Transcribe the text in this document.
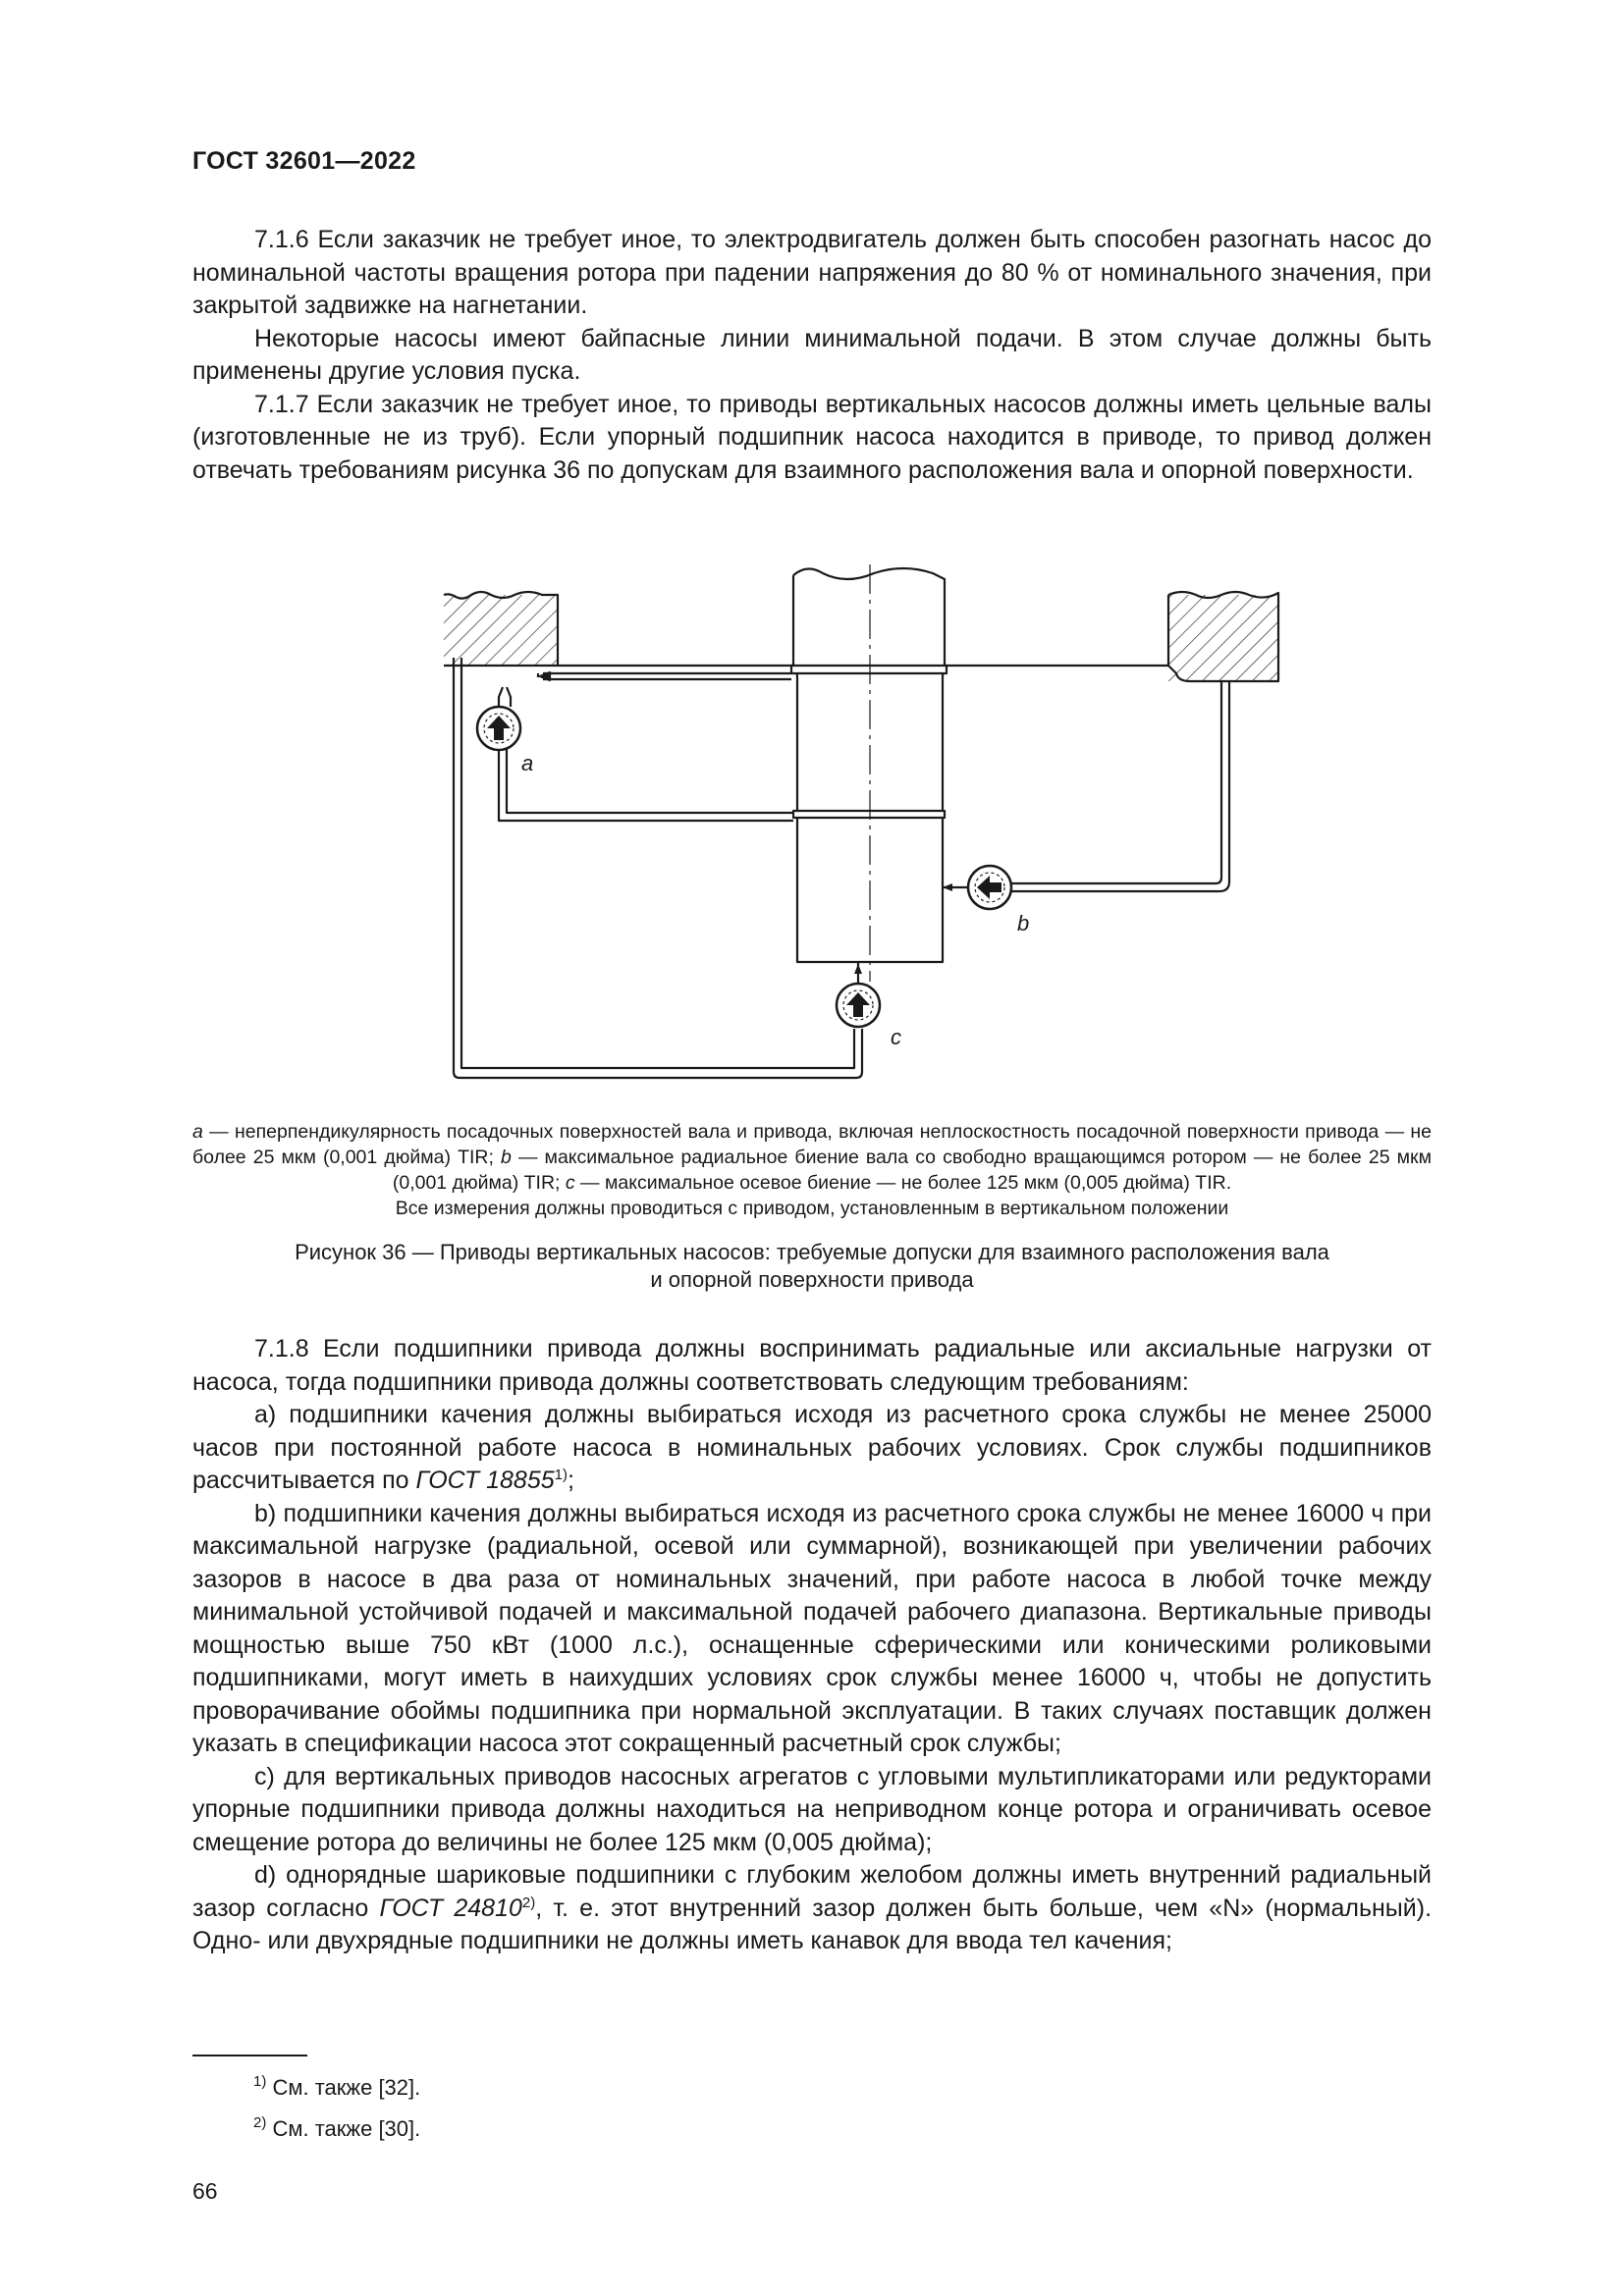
ГОСТ 32601—2022

7.1.6 Если заказчик не требует иное, то электродвигатель должен быть способен разогнать насос до номинальной частоты вращения ротора при падении напряжения до 80 % от номинального значения, при закрытой задвижке на нагнетании.

Некоторые насосы имеют байпасные линии минимальной подачи. В этом случае должны быть применены другие условия пуска.

7.1.7 Если заказчик не требует иное, то приводы вертикальных насосов должны иметь цельные валы (изготовленные не из труб). Если упорный подшипник насоса находится в приводе, то привод должен отвечать требованиям рисунка 36 по допускам для взаимного расположения вала и опорной поверхности.

a
b
c
a — неперпендикулярность посадочных поверхностей вала и привода, включая неплоскостность посадочной поверхности привода — не более 25 мкм (0,001 дюйма) TIR; b — максимальное радиальное биение вала со свободно вращающимся ротором — не более 25 мкм (0,001 дюйма) TIR; c — максимальное осевое биение — не более 125 мкм (0,005 дюйма) TIR.
Все измерения должны проводиться с приводом, установленным в вертикальном положении
Рисунок 36 — Приводы вертикальных насосов: требуемые допуски для взаимного расположения вала
и опорной поверхности привода

7.1.8 Если подшипники привода должны воспринимать радиальные или аксиальные нагрузки от насоса, тогда подшипники привода должны соответствовать следующим требованиям:

a) подшипники качения должны выбираться исходя из расчетного срока службы не менее 25000 часов при постоянной работе насоса в номинальных рабочих условиях. Срок службы подшипников рассчитывается по ГОСТ 18855$^{1)}$;

b) подшипники качения должны выбираться исходя из расчетного срока службы не менее 16000 ч при максимальной нагрузке (радиальной, осевой или суммарной), возникающей при увеличении рабочих зазоров в насосе в два раза от номинальных значений, при работе насоса в любой точке между минимальной устойчивой подачей и максимальной подачей рабочего диапазона. Вертикальные приводы мощностью выше 750 кВт (1000 л.с.), оснащенные сферическими или коническими роликовыми подшипниками, могут иметь в наихудших условиях срок службы менее 16000 ч, чтобы не допустить проворачивание обоймы подшипника при нормальной эксплуатации. В таких случаях поставщик должен указать в спецификации насоса этот сокращенный расчетный срок службы;

c) для вертикальных приводов насосных агрегатов с угловыми мультипликаторами или редукторами упорные подшипники привода должны находиться на неприводном конце ротора и ограничивать осевое смещение ротора до величины не более 125 мкм (0,005 дюйма);

d) однорядные шариковые подшипники с глубоким желобом должны иметь внутренний радиальный зазор согласно ГОСТ 24810$^{2)}$, т. е. этот внутренний зазор должен быть больше, чем «N» (нормальный). Одно- или двухрядные подшипники не должны иметь канавок для ввода тел качения;

$^{1)}$ См. также [32].
$^{2)}$ См. также [30].
66
